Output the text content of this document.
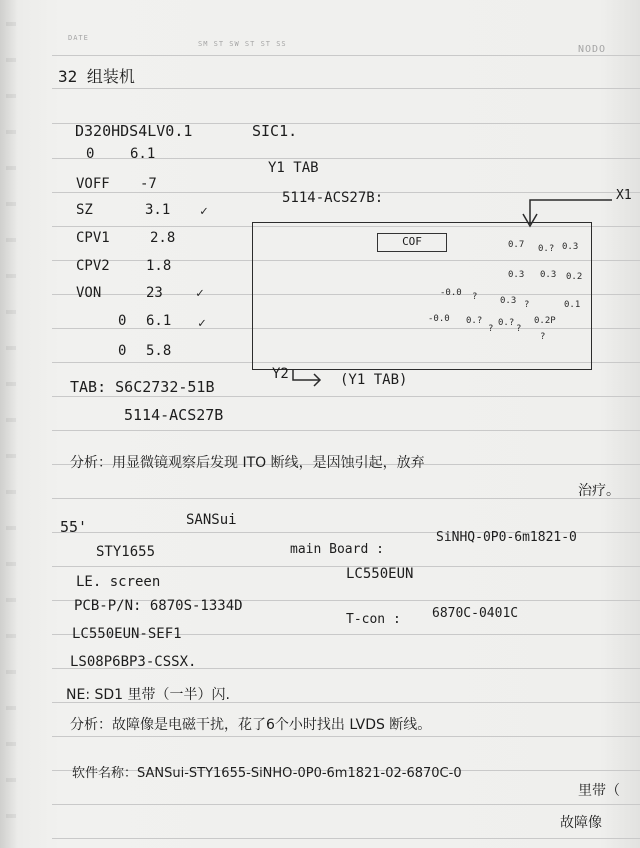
DATE
SM ST SW ST ST SS	NODO
32 组装机
D320HDS4LV0.1	SIC1.
0	6.1
VOFF -7
SZ	3.1 ✓
CPV1	2.8
CPV2	1.8
VON	23	✓
0 6.1 ✓
0 5.8
Y1 TAB
5114-ACS27B:	X1
COF	0.7 0.? 0.3
0.3 0.3 0.2
-0.0 ?	0.3 ?	0.1
-0.0 0.? 0.? 0.2P
?	?
?
Y2	(Y1 TAB)
TAB: S6C2732-51B
5114-ACS27B
分析：用显微镜观察后发现 ITO 断线，是因蚀引起，放弃
治疗。
55'	SANSui
STY1655	main Board :
SiNHQ-0P0-6m1821-0
LC550EUN
LE. screen
PCB-P/N: 6870S-1334D
T-con : 6870C-0401C
LC550EUN-SEF1
LS08P6BP3-CSSX.
NE: SD1 里带（一半）闪.
分析：故障像是电磁干扰，花了6个小时找出 LVDS 断线。
软件名称：SANSui-STY1655-SiNHO-0P0-6m1821-02-6870C-0
里带（
故障像
